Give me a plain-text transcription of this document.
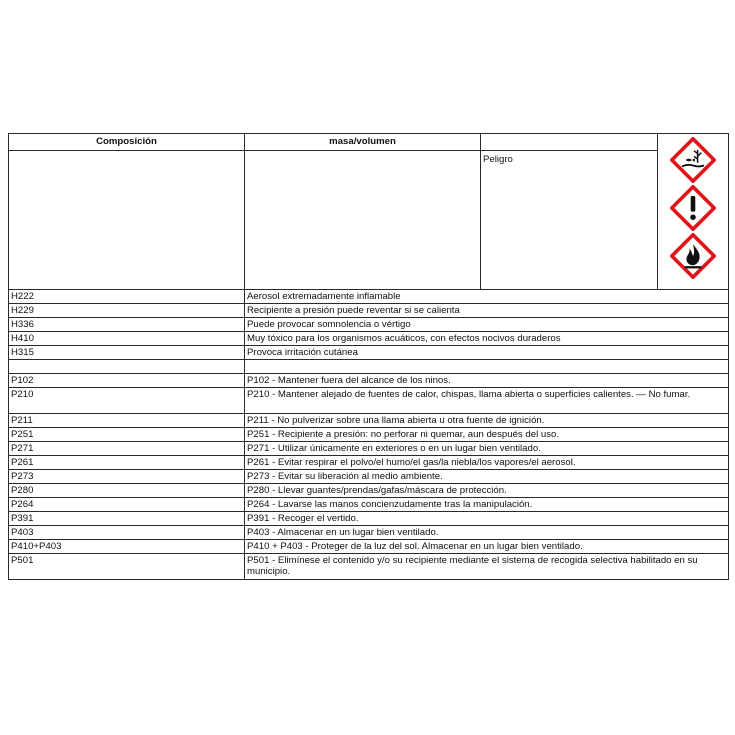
Composición	masa/volumen		

		Peligro	

H222	Aerosol extremadamente inflamable		
H229	Recipiente a presión puede reventar si se calienta		
H336	Puede provocar somnolencia o vértigo		
H410	Muy tóxico para los organismos acuáticos, con efectos nocivos duraderos		
H315	Provoca irritación cutánea		

P102	P102 - Mantener fuera del alcance de los ninos.		
P210	P210 - Mantener alejado de fuentes de calor, chispas, llama abierta o superficies calientes. — No fumar.		
P211	P211 - No pulverizar sobre una llama abierta u otra fuente de ignición.		
P251	P251 - Recipiente a presión: no perforar ni quemar, aun después del uso.		
P271	P271 - Utilizar únicamente en exteriores o en un lugar bien ventilado.		
P261	P261 - Evitar respirar el polvo/el humo/el gas/la niebla/los vapores/el aerosol.		
P273	P273 - Evitar su liberación al medio ambiente.		
P280	P280 - Llevar guantes/prendas/gafas/máscara de protección.		
P264	P264 - Lavarse las manos concienzudamente tras la manipulación.		
P391	P391 - Recoger el vertido.		
P403	P403 - Almacenar en un lugar bien ventilado.		
P410+P403	P410 + P403 - Proteger de la luz del sol. Almacenar en un lugar bien ventilado.		
P501	P501 - Elimínese el contenido y/o su recipiente mediante el sistema de recogida selectiva habilitado en su municipio.		
